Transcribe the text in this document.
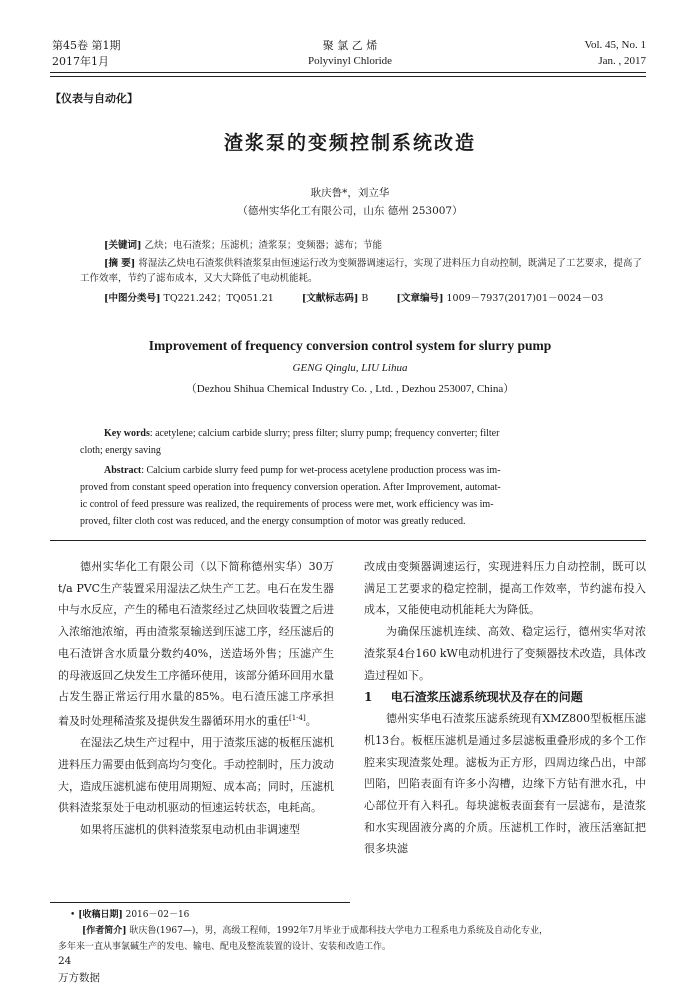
第45卷 第1期
2017年1月
聚 氯 乙 烯
Polyvinyl Chloride
Vol. 45, No. 1
Jan. , 2017
【仪表与自动化】
渣浆泵的变频控制系统改造
耿庆鲁*，刘立华
（德州实华化工有限公司，山东 德州 253007）
[关键词] 乙炔；电石渣浆；压滤机；渣浆泵；变频器；滤布；节能
[摘 要] 将湿法乙炔电石渣浆供料渣浆泵由恒速运行改为变频器调速运行，实现了进料压力自动控制，既满足了工艺要求，提高了工作效率，节约了滤布成本，又大大降低了电动机能耗。
[中图分类号] TQ221.242；TQ051.21	[文献标志码] B	[文章编号] 1009－7937(2017)01－0024－03
Improvement of frequency conversion control system for slurry pump
GENG Qinglu, LIU Lihua
（Dezhou Shihua Chemical Industry Co. , Ltd. , Dezhou 253007, China）
Key words: acetylene; calcium carbide slurry; press filter; slurry pump; frequency converter; filter
cloth; energy saving
Abstract: Calcium carbide slurry feed pump for wet-process acetylene production process was im-
proved from constant speed operation into frequency conversion operation. After Improvement, automat-
ic control of feed pressure was realized, the requirements of process were met, work efficiency was im-
proved, filter cloth cost was reduced, and the energy consumption of motor was greatly reduced.

德州实华化工有限公司（以下简称德州实华）30万t/a PVC生产装置采用湿法乙炔生产工艺。电石在发生器中与水反应，产生的稀电石渣浆经过乙炔回收装置之后进入浓缩池浓缩，再由渣浆泵输送到压滤工序，经压滤后的电石渣饼含水质量分数约40%，送造场外售；压滤产生的母液返回乙炔发生工序循环使用，该部分循环回用水量占发生器正常运行用水量的85%。电石渣压滤工序承担着及时处理稀渣浆及提供发生器循环用水的重任[1-4]。

在湿法乙炔生产过程中，用于渣浆压滤的板框压滤机进料压力需要由低到高均匀变化。手动控制时，压力波动大，造成压滤机滤布使用周期短、成本高；同时，压滤机供料渣浆泵处于电动机驱动的恒速运转状态，电耗高。

如果将压滤机的供料渣浆泵电动机由非调速型

改成由变频器调速运行，实现进料压力自动控制，既可以满足工艺要求的稳定控制，提高工作效率，节约滤布投入成本，又能使电动机能耗大为降低。

为确保压滤机连续、高效、稳定运行，德州实华对浓渣浆泵4台160 kW电动机进行了变频器技术改造，具体改造过程如下。

1 电石渣浆压滤系统现状及存在的问题

德州实华电石渣浆压滤系统现有XMZ800型板框压滤机13台。板框压滤机是通过多层滤板重叠形成的多个工作腔来实现渣浆处理。滤板为正方形，四周边缘凸出，中部凹陷，凹陷表面有许多小沟槽，边缘下方钻有泄水孔，中心部位开有入料孔。每块滤板表面套有一层滤布，是渣浆和水实现固液分离的介质。压滤机工作时，液压活塞缸把很多块滤

• [收稿日期] 2016－02－16
[作者简介] 耿庆鲁(1967—)，男，高级工程师，1992年7月毕业于成都科技大学电力工程系电力系统及自动化专业，
多年来一直从事氯碱生产的发电、输电、配电及整流装置的设计、安装和改造工作。
24
万方数据
